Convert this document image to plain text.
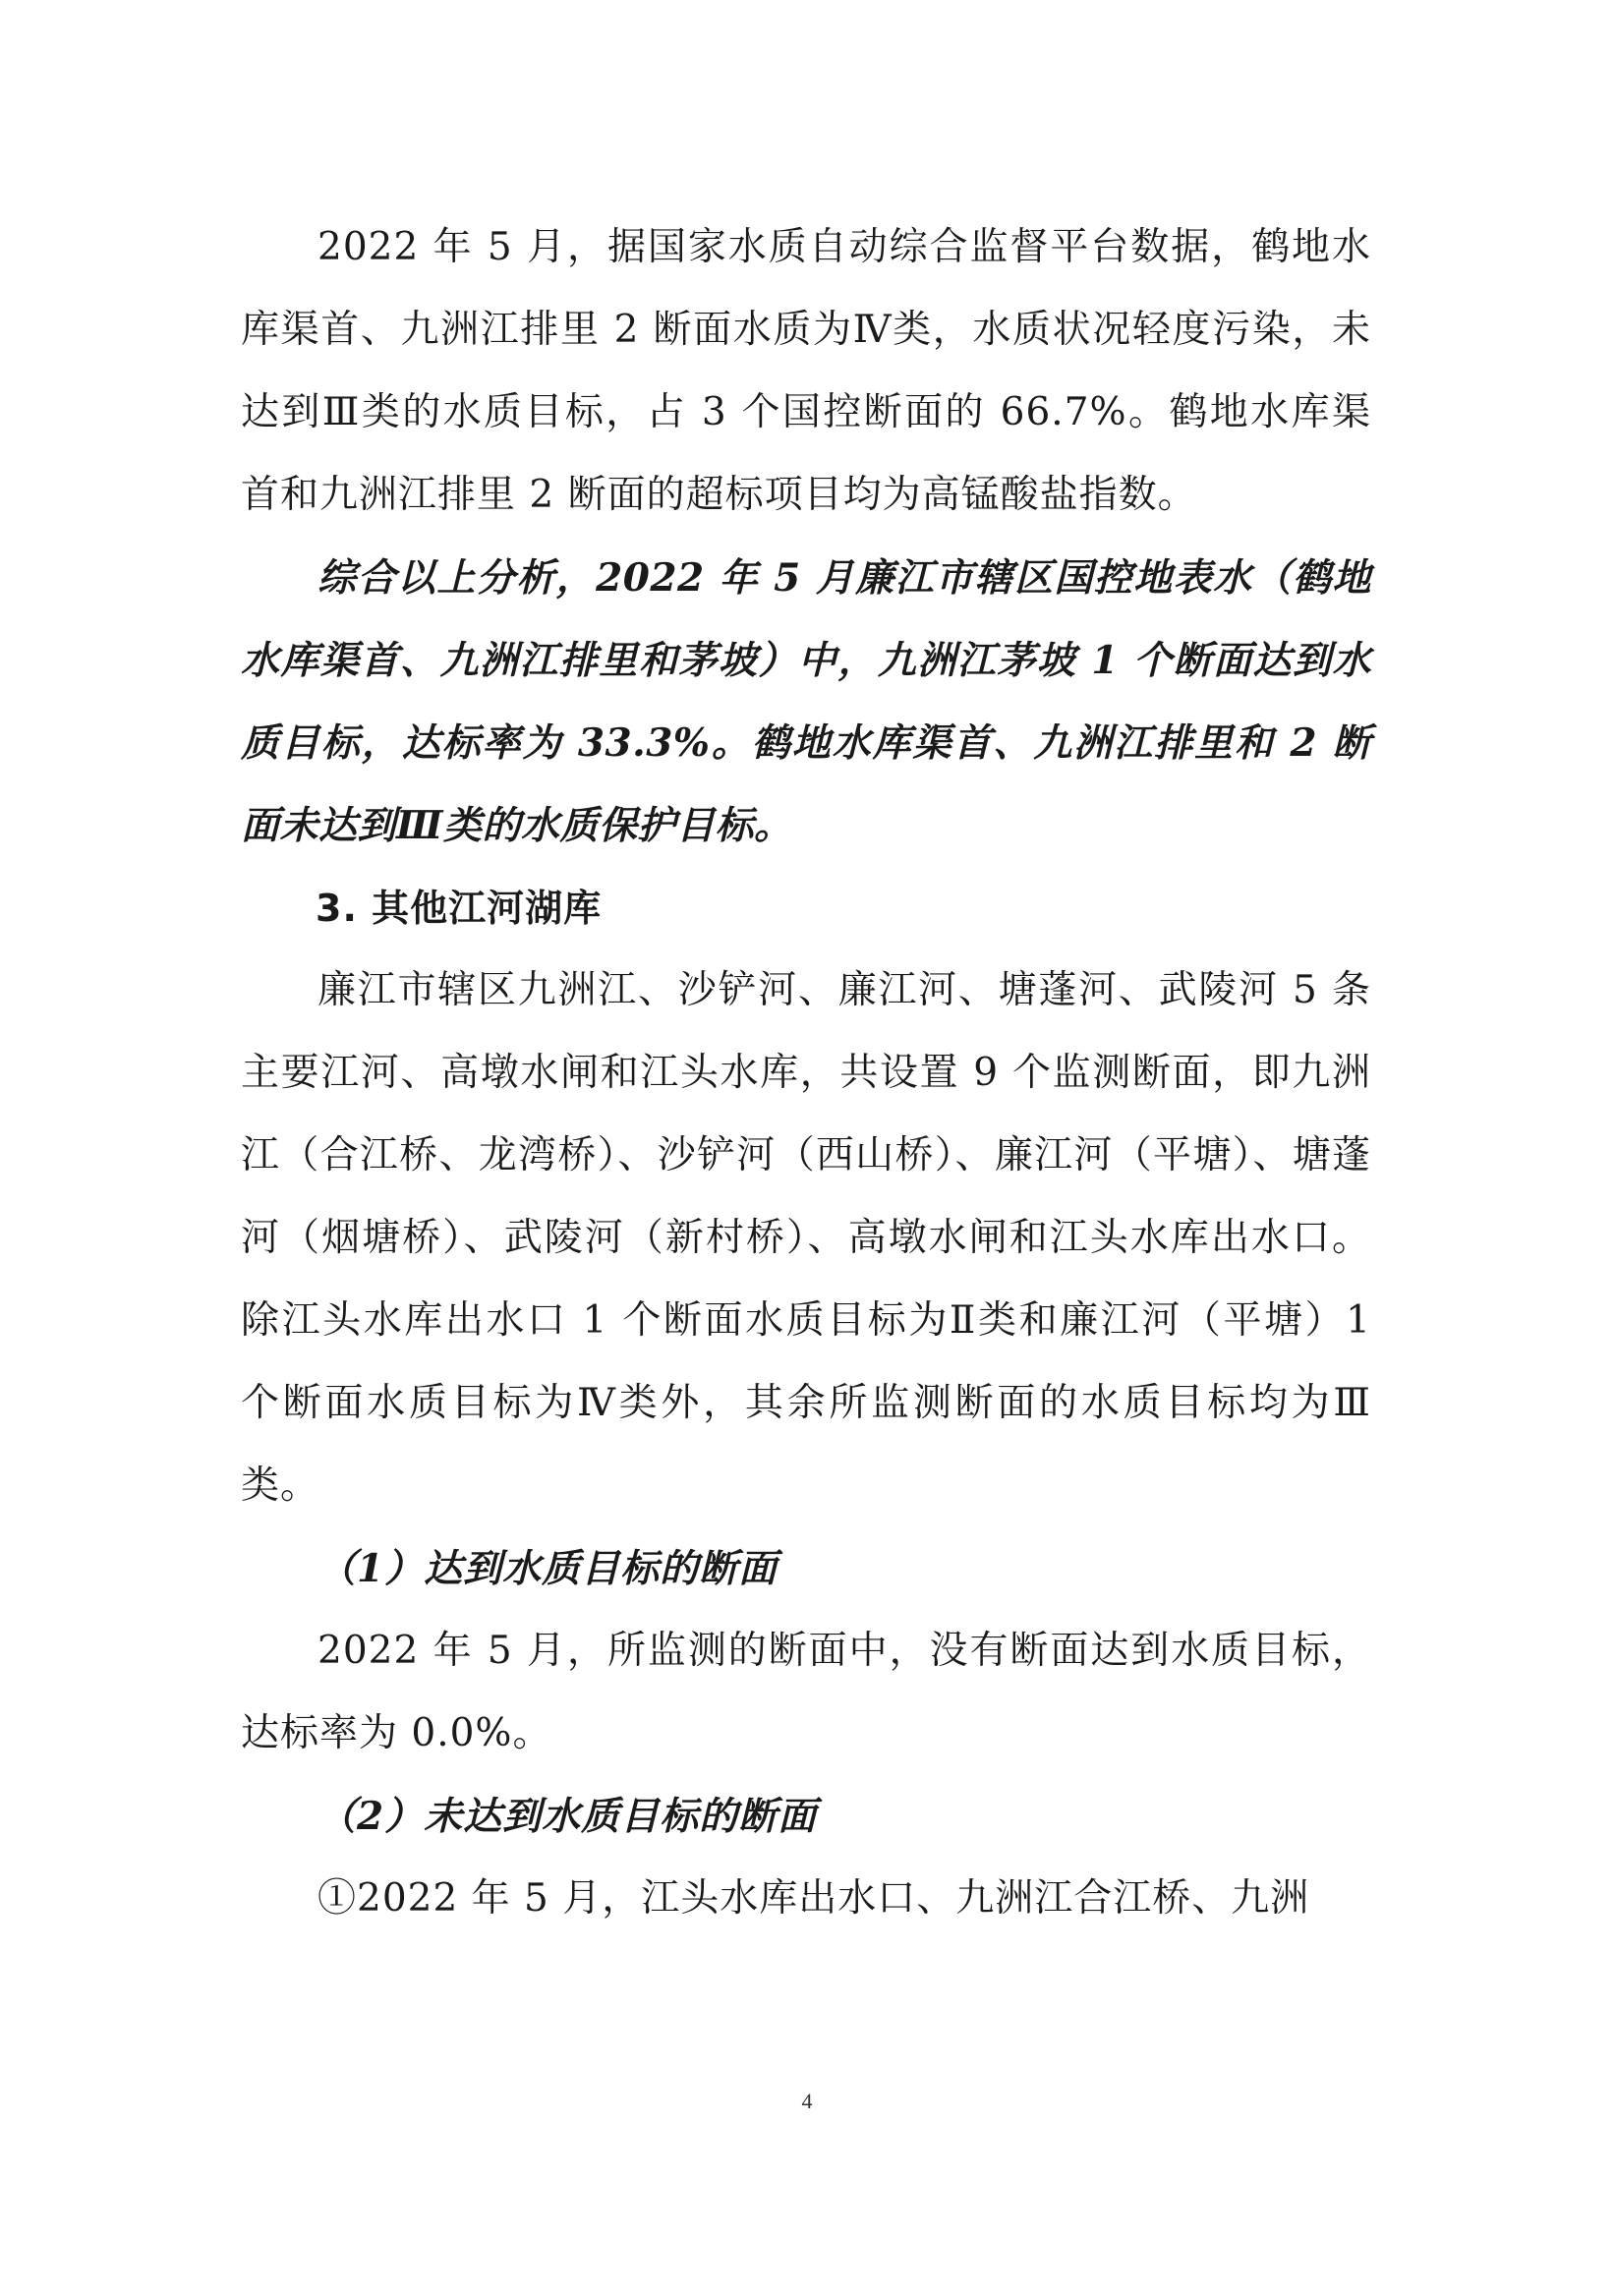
2022 年 5 月，据国家水质自动综合监督平台数据，鹤地水库渠首、九洲江排里 2 断面水质为Ⅳ类，水质状况轻度污染，未达到Ⅲ类的水质目标，占 3 个国控断面的 66.7%。鹤地水库渠首和九洲江排里 2 断面的超标项目均为高锰酸盐指数。

综合以上分析，2022 年 5 月廉江市辖区国控地表水（鹤地水库渠首、九洲江排里和茅坡）中，九洲江茅坡 1 个断面达到水质目标，达标率为 33.3%。鹤地水库渠首、九洲江排里和 2 断面未达到Ⅲ类的水质保护目标。

3. 其他江河湖库

廉江市辖区九洲江、沙铲河、廉江河、塘蓬河、武陵河 5 条主要江河、高墩水闸和江头水库，共设置 9 个监测断面，即九洲江（合江桥、龙湾桥）、沙铲河（西山桥）、廉江河（平塘）、塘蓬河（烟塘桥）、武陵河（新村桥）、高墩水闸和江头水库出水口。除江头水库出水口 1 个断面水质目标为Ⅱ类和廉江河（平塘）1 个断面水质目标为Ⅳ类外，其余所监测断面的水质目标均为Ⅲ类。

（1）达到水质目标的断面

2022 年 5 月，所监测的断面中，没有断面达到水质目标，达标率为 0.0%。

（2）未达到水质目标的断面

①2022 年 5 月，江头水库出水口、九洲江合江桥、九洲

4
